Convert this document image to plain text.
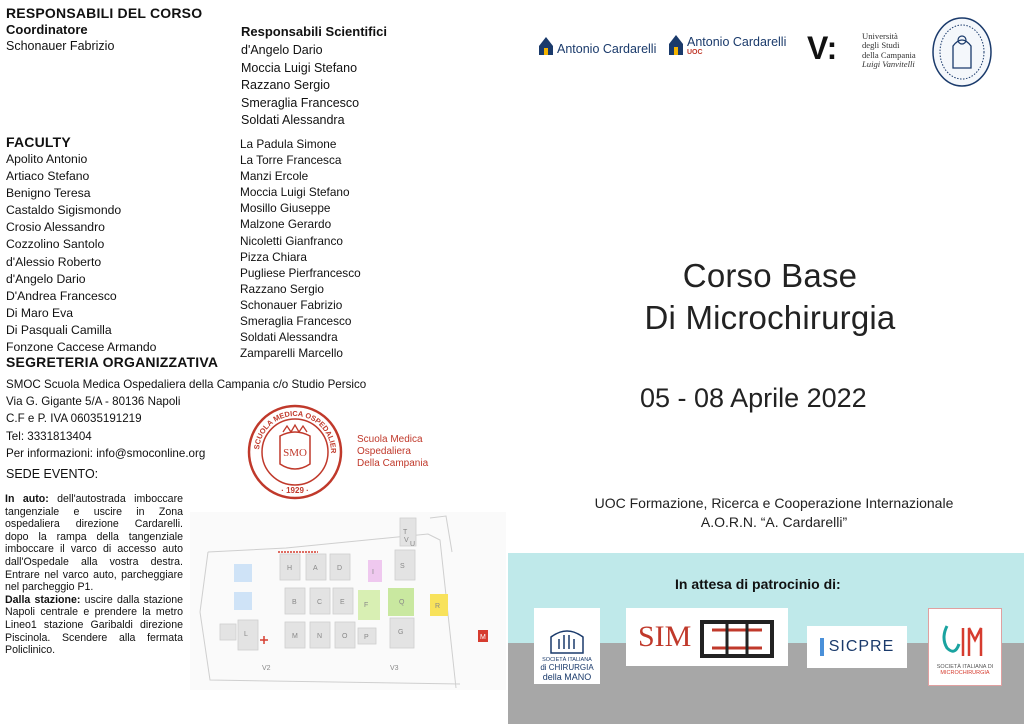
RESPONSABILI DEL CORSO
Coordinatore
Schonauer Fabrizio
FACULTY
Apolito Antonio
Artiaco Stefano
Benigno Teresa
Castaldo Sigismondo
Crosio Alessandro
Cozzolino Santolo
d'Alessio Roberto
d'Angelo Dario
D'Andrea Francesco
Di Maro Eva
Di Pasquali Camilla
Fonzone Caccese Armando
SEGRETERIA ORGANIZZATIVA
SMOC Scuola Medica Ospedaliera della Campania c/o Studio Persico
Via G. Gigante 5/A - 80136 Napoli
C.F e P. IVA 06035191219
Tel: 3331813404
Per informazioni: info@smoconline.org
SEDE EVENTO:
In auto: dell'autostrada imboccare tangenziale e uscire in Zona ospedaliera direzione Cardarelli. dopo la rampa della tangenziale imboccare il varco di accesso auto dall'Ospedale alla vostra destra. Entrare nel varco auto, parcheggiare nel parcheggio P1.
Dalla stazione: uscire dalla stazione Napoli centrale e prendere la metro Lineo1 stazione Garibaldi direzione Piscinola. Scendere alla fermata Policlinico.
Responsabili Scientifici
d'Angelo Dario
Moccia Luigi Stefano
Razzano Sergio
Smeraglia Francesco
Soldati Alessandra
La Padula Simone
La Torre Francesca
Manzi Ercole
Moccia Luigi Stefano
Mosillo Giuseppe
Malzone Gerardo
Nicoletti Gianfranco
Pizza Chiara
Pugliese Pierfrancesco
Razzano Sergio
Schonauer Fabrizio
Smeraglia Francesco
Soldati Alessandra
Zamparelli Marcello
SMO
· 1929 ·
SCUOLA MEDICA OSPEDALIER
Scuola Medica
Ospedaliera
Della Campania
H	A	D
B	C	E	F
G
L	M	N	O P
S
T
U
V
I
Q
R
V2	V3
M
Antonio Cardarelli Antonio Cardarelli
UOC	V:	Università
degli Studi
della Campania
Luigi Vanvitelli
Corso Base
Di Microchirurgia
05 - 08 Aprile 2022
UOC Formazione, Ricerca e Cooperazione Internazionale
A.O.R.N. “A. Cardarelli”
In attesa di patrocinio di:
SOCIETÀ ITALIANA
di CHIRURGIA
della MANO
SIM	SICPRE
SOCIETÀ ITALIANA DI
MICROCHIRURGIA
